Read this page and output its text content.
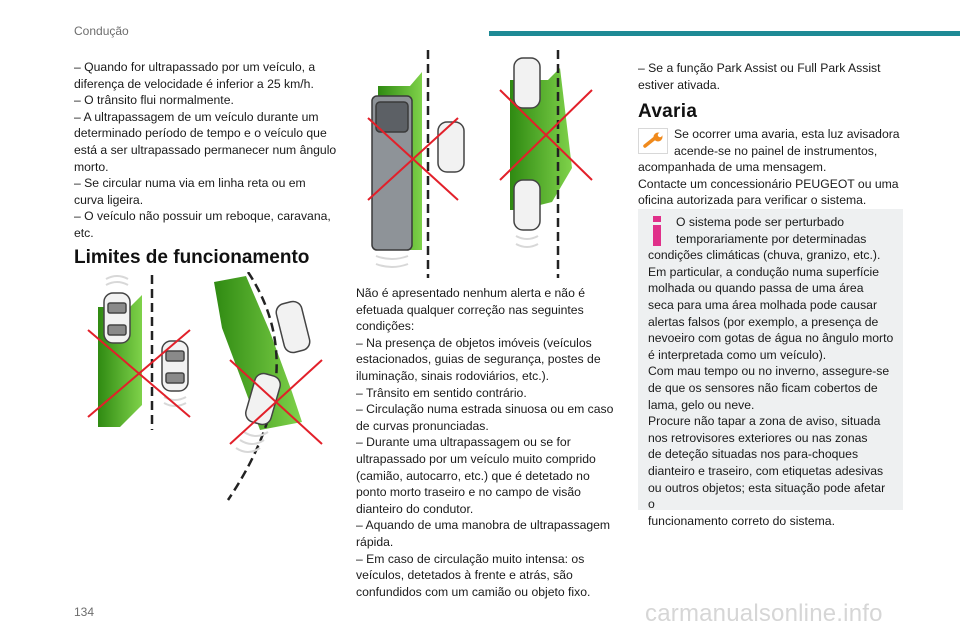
Condução

– Quando for ultrapassado por um veículo, a

diferença de velocidade é inferior a 25 km/h.

– O trânsito flui normalmente.

– A ultrapassagem de um veículo durante um

determinado período de tempo e o veículo que

está a ser ultrapassado permanecer num ângulo

morto.

– Se circular numa via em linha reta ou em

curva ligeira.

– O veículo não possuir um reboque, caravana,

etc.

Limites de funcionamento

Não é apresentado nenhum alerta e não é

efetuada qualquer correção nas seguintes

condições:

– Na presença de objetos imóveis (veículos

estacionados, guias de segurança, postes de

iluminação, sinais rodoviários, etc.).

– Trânsito em sentido contrário.

– Circulação numa estrada sinuosa ou em caso

de curvas pronunciadas.

– Durante uma ultrapassagem ou se for

ultrapassado por um veículo muito comprido

(camião, autocarro, etc.) que é detetado no

ponto morto traseiro e no campo de visão

dianteiro do condutor.

– Aquando de uma manobra de ultrapassagem

rápida.

– Em caso de circulação muito intensa: os

veículos, detetados à frente e atrás, são

confundidos com um camião ou objeto fixo.

– Se a função Park Assist ou Full Park Assist

estiver ativada.

Avaria

Se ocorrer uma avaria, esta luz avisadora

acende-se no painel de instrumentos,

acompanhada de uma mensagem.

Contacte um concessionário PEUGEOT ou uma

oficina autorizada para verificar o sistema.

O sistema pode ser perturbado

temporariamente por determinadas

condições climáticas (chuva, granizo, etc.).

Em particular, a condução numa superfície

molhada ou quando passa de uma área

seca para uma área molhada pode causar

alertas falsos (por exemplo, a presença de

nevoeiro com gotas de água no ângulo morto

é interpretada como um veículo).

Com mau tempo ou no inverno, assegure-se

de que os sensores não ficam cobertos de

lama, gelo ou neve.

Procure não tapar a zona de aviso, situada

nos retrovisores exteriores ou nas zonas

de deteção situadas nos para-choques

dianteiro e traseiro, com etiquetas adesivas

ou outros objetos; esta situação pode afetar o

funcionamento correto do sistema.

134	carmanualsonline.info
